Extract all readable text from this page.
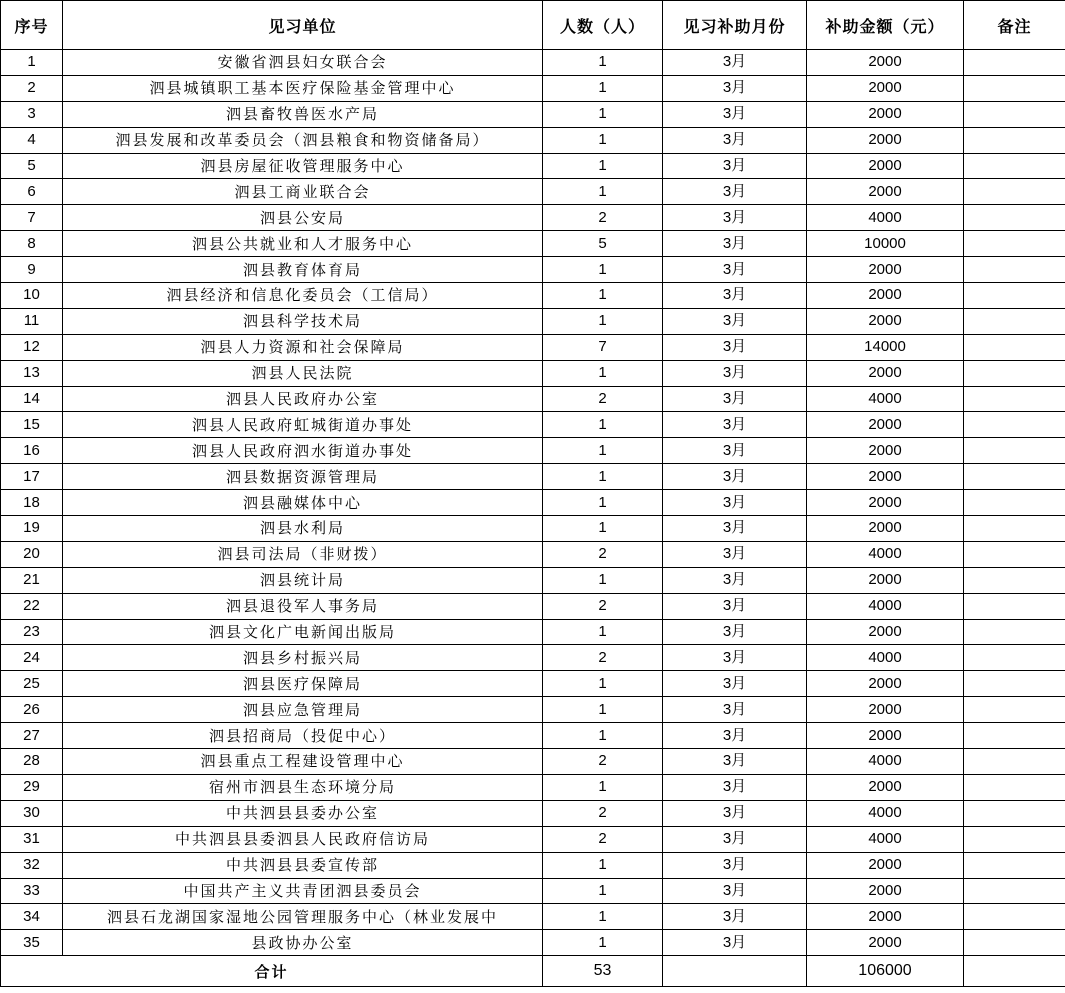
序号	见习单位	人数（人）	见习补助月份	补助金额（元）	备注
1	安徽省泗县妇女联合会	1	3月	2000	
2	泗县城镇职工基本医疗保险基金管理中心	1	3月	2000	
3	泗县畜牧兽医水产局	1	3月	2000	
4	泗县发展和改革委员会（泗县粮食和物资储备局）	1	3月	2000	
5	泗县房屋征收管理服务中心	1	3月	2000	
6	泗县工商业联合会	1	3月	2000	
7	泗县公安局	2	3月	4000	
8	泗县公共就业和人才服务中心	5	3月	10000	
9	泗县教育体育局	1	3月	2000	
10	泗县经济和信息化委员会（工信局）	1	3月	2000	
11	泗县科学技术局	1	3月	2000	
12	泗县人力资源和社会保障局	7	3月	14000	
13	泗县人民法院	1	3月	2000	
14	泗县人民政府办公室	2	3月	4000	
15	泗县人民政府虹城街道办事处	1	3月	2000	
16	泗县人民政府泗水街道办事处	1	3月	2000	
17	泗县数据资源管理局	1	3月	2000	
18	泗县融媒体中心	1	3月	2000	
19	泗县水利局	1	3月	2000	
20	泗县司法局（非财拨）	2	3月	4000	
21	泗县统计局	1	3月	2000	
22	泗县退役军人事务局	2	3月	4000	
23	泗县文化广电新闻出版局	1	3月	2000	
24	泗县乡村振兴局	2	3月	4000	
25	泗县医疗保障局	1	3月	2000	
26	泗县应急管理局	1	3月	2000	
27	泗县招商局（投促中心）	1	3月	2000	
28	泗县重点工程建设管理中心	2	3月	4000	
29	宿州市泗县生态环境分局	1	3月	2000	
30	中共泗县县委办公室	2	3月	4000	
31	中共泗县县委泗县人民政府信访局	2	3月	4000	
32	中共泗县县委宣传部	1	3月	2000	
33	中国共产主义共青团泗县委员会	1	3月	2000	
34	泗县石龙湖国家湿地公园管理服务中心（林业发展中	1	3月	2000	
35	县政协办公室	1	3月	2000	
合计		53		106000	
